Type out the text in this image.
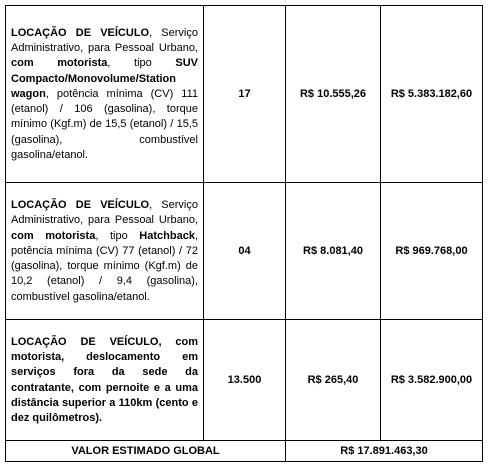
LOCAÇÃO DE VEÍCULO, Serviço Administrativo, para Pessoal Urbano, com motorista, tipo SUV Compacto/Monovolume/Station wagon, potência mínima (CV) 111 (etanol) / 106 (gasolina), torque mínimo (Kgf.m) de 15,5 (etanol) / 15,5 (gasolina), combustível gasolina/etanol.	17	R$ 10.555,26	R$ 5.383.182,60
LOCAÇÃO DE VEÍCULO, Serviço Administrativo, para Pessoal Urbano, com motorista, tipo Hatchback, potência mínima (CV) 77 (etanol) / 72 (gasolina), torque mínimo (Kgf.m) de 10,2 (etanol) / 9,4 (gasolina), combustível gasolina/etanol.	04	R$ 8.081,40	R$ 969.768,00
LOCAÇÃO DE VEÍCULO, com motorista, deslocamento em serviços fora da sede da contratante, com pernoite e a uma distância superior a 110km (cento e dez quilômetros).	13.500	R$ 265,40	R$ 3.582.900,00
VALOR ESTIMADO GLOBAL		R$ 17.891.463,30	
